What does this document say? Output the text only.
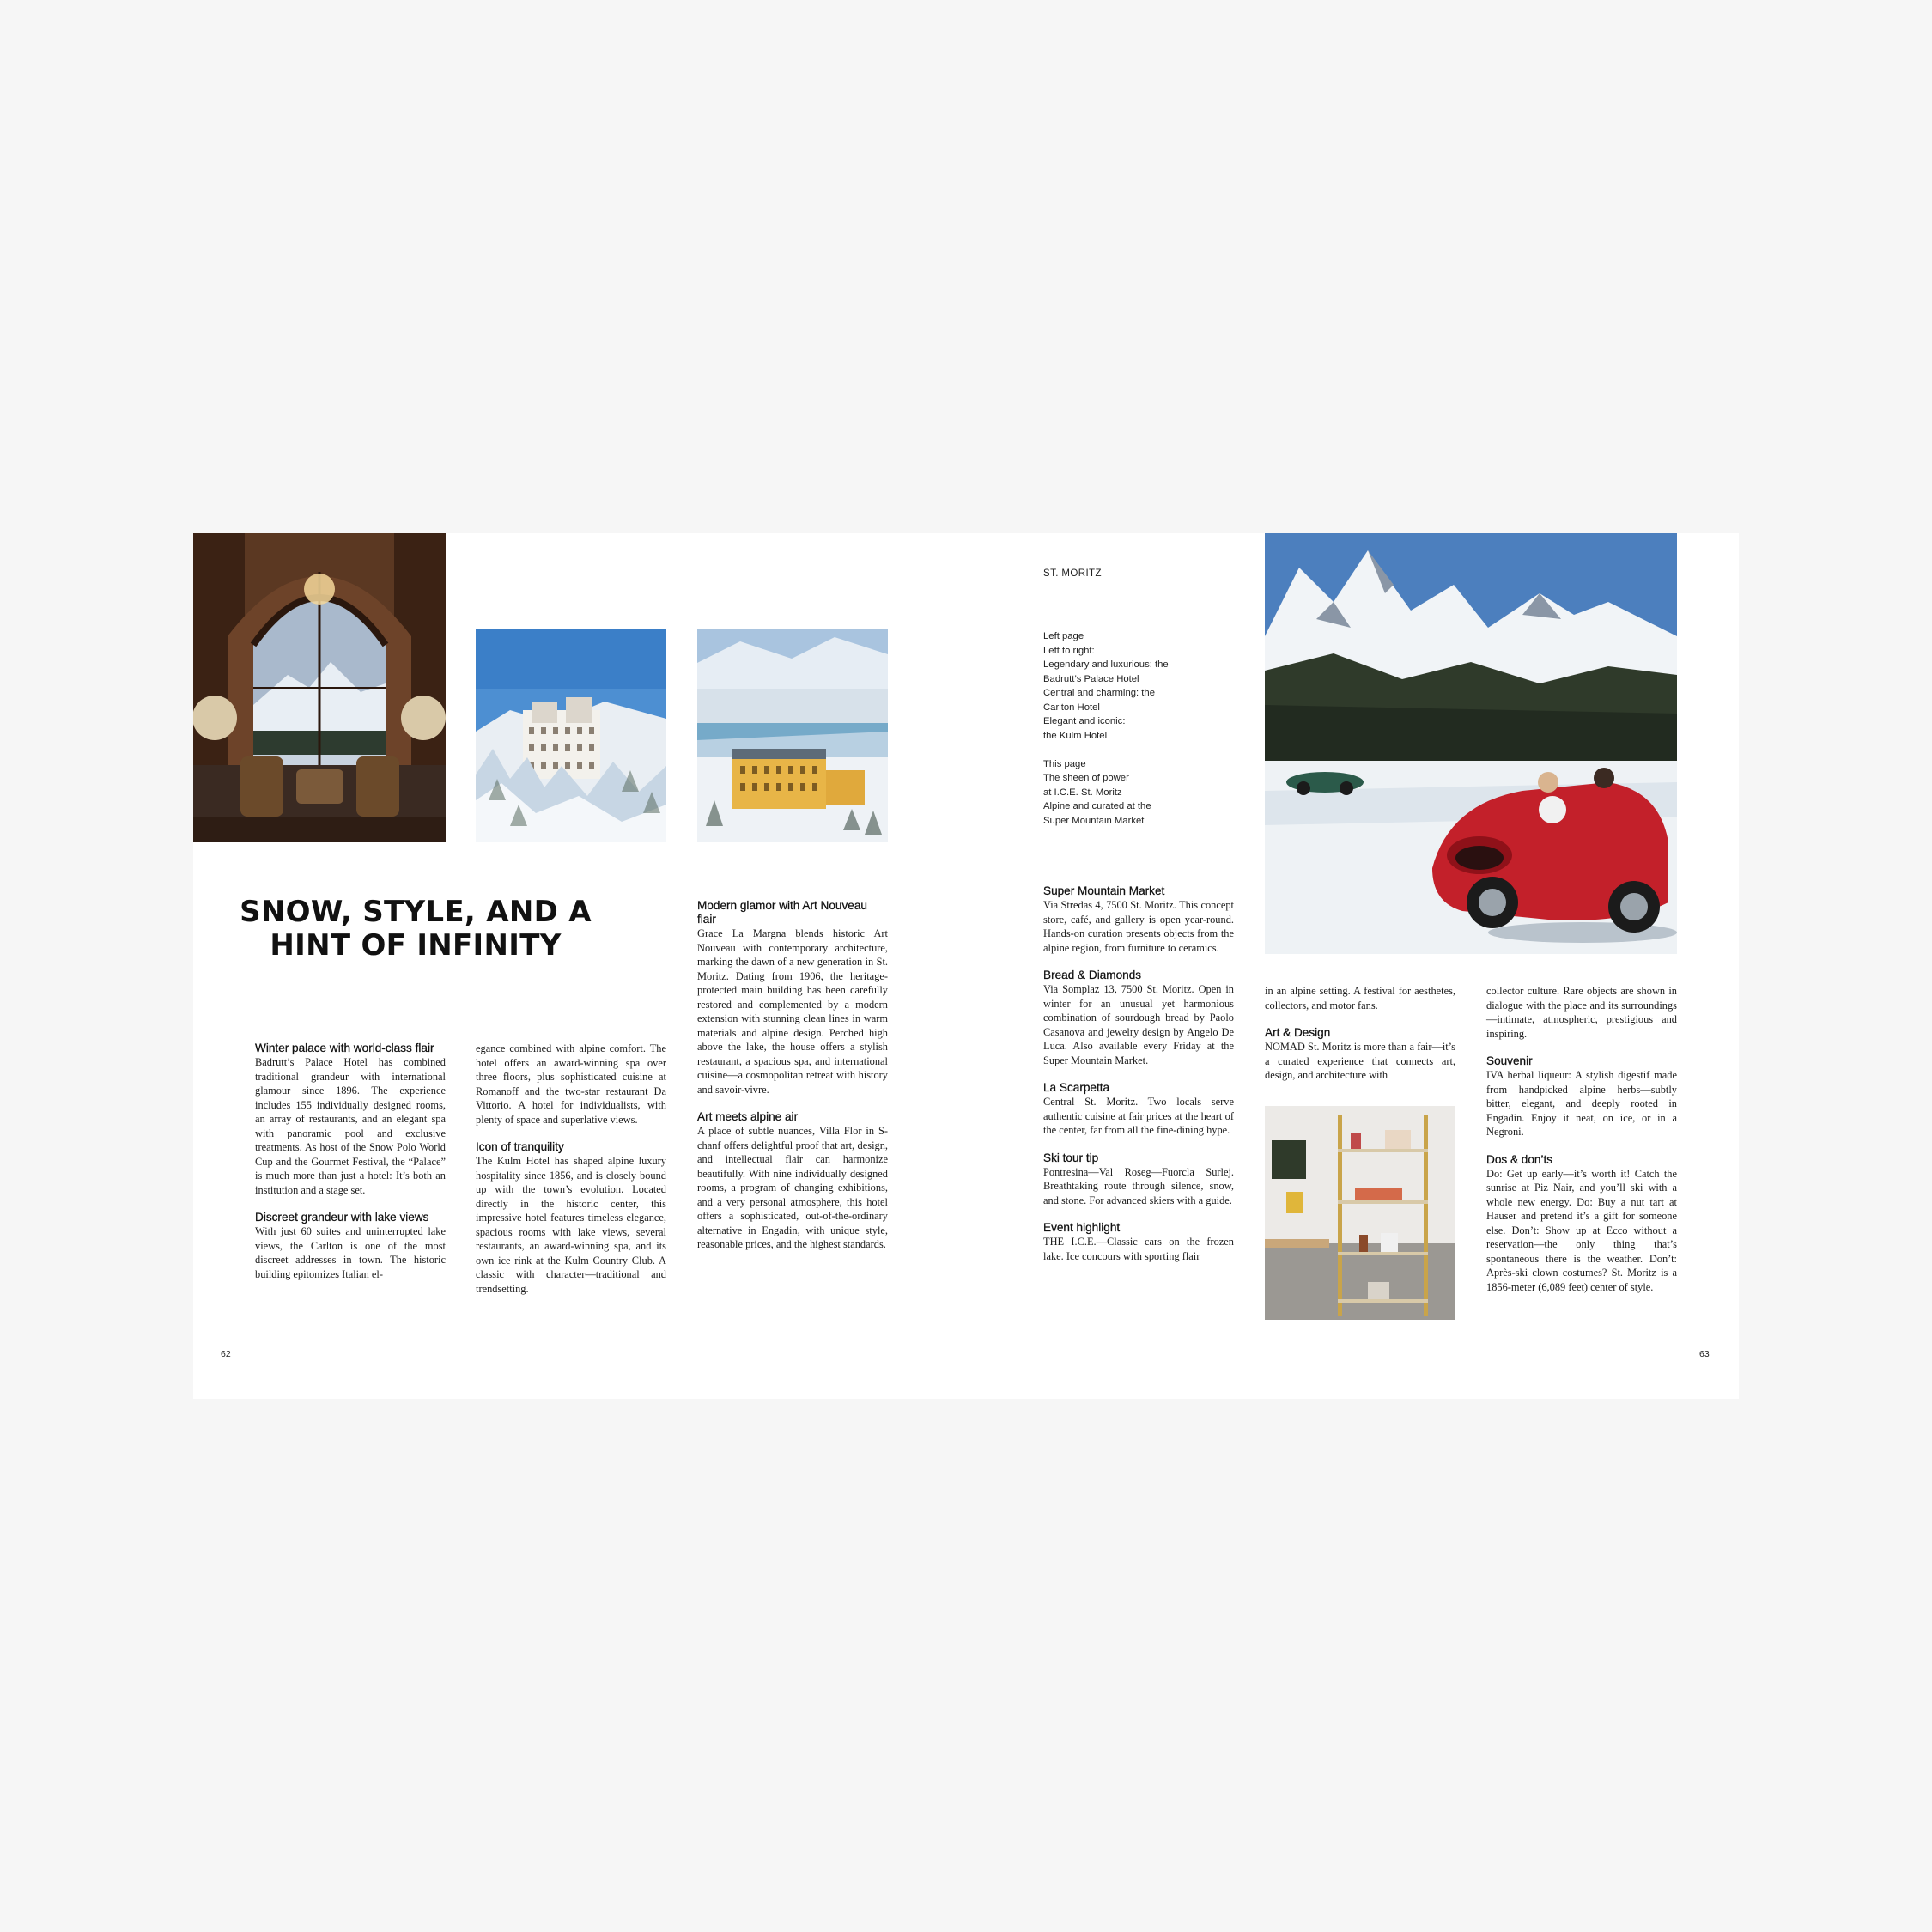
SNOW, STYLE, AND A HINT OF INFINITY
Winter palace with world-class flair

Badrutt’s Palace Hotel has combined traditional grandeur with international glamour since 1896. The experience includes 155 individually designed rooms, an array of restaurants, and an elegant spa with panoramic pool and exclusive treatments. As host of the Snow Polo World Cup and the Gourmet Festival, the “Palace” is much more than just a hotel: It’s both an institution and a stage set.

Discreet grandeur with lake views

With just 60 suites and uninterrupted lake views, the Carlton is one of the most discreet addresses in town. The historic building epitomizes Italian el-

egance combined with alpine comfort. The hotel offers an award-winning spa over three floors, plus sophisticated cuisine at Romanoff and the two-star restaurant Da Vittorio. A hotel for individualists, with plenty of space and superlative views.

Icon of tranquility

The Kulm Hotel has shaped alpine luxury hospitality since 1856, and is closely bound up with the town’s evolution. Located directly in the historic center, this impressive hotel features timeless elegance, spacious rooms with lake views, several restaurants, an award-winning spa, and its own ice rink at the Kulm Country Club. A classic with character—traditional and trendsetting.

Modern glamor with Art Nouveau flair

Grace La Margna blends historic Art Nouveau with contemporary architecture, marking the dawn of a new generation in St. Moritz. Dating from 1906, the heritage-protected main building has been carefully restored and complemented by a modern extension with stunning clean lines in warm materials and alpine design. Perched high above the lake, the house offers a stylish restaurant, a spacious spa, and international cuisine—a cosmopolitan retreat with history and savoir-vivre.

Art meets alpine air

A place of subtle nuances, Villa Flor in S-chanf offers delightful proof that art, design, and intellectual flair can harmonize beautifully. With nine individually designed rooms, a program of changing exhibitions, and a very personal atmosphere, this hotel offers a sophisticated, out-of-the-ordinary alternative in Engadin, with unique style, reasonable prices, and the highest standards.

62
ST. MORITZ
Left page
Left to right:
Legendary and luxurious: the
Badrutt’s Palace Hotel
Central and charming: the
Carlton Hotel
Elegant and iconic:
the Kulm Hotel
This page
The sheen of power
at I.C.E. St. Moritz
Alpine and curated at the
Super Mountain Market
Super Mountain Market

Via Stredas 4, 7500 St. Moritz. This concept store, café, and gallery is open year-round. Hands-on curation presents objects from the alpine region, from furniture to ceramics.

Bread & Diamonds

Via Somplaz 13, 7500 St. Moritz. Open in winter for an unusual yet harmonious combination of sourdough bread by Paolo Casanova and jewelry design by Angelo De Luca. Also available every Friday at the Super Mountain Market.

La Scarpetta

Central St. Moritz. Two locals serve authentic cuisine at fair prices at the heart of the center, far from all the fine-dining hype.

Ski tour tip

Pontresina—Val Roseg—Fuorcla Surlej. Breathtaking route through silence, snow, and stone. For advanced skiers with a guide.

Event highlight

THE I.C.E.—Classic cars on the frozen lake. Ice concours with sporting flair

in an alpine setting. A festival for aesthetes, collectors, and motor fans.

Art & Design

NOMAD St. Moritz is more than a fair—it’s a curated experience that connects art, design, and architecture with

collector culture. Rare objects are shown in dialogue with the place and its surroundings—intimate, atmospheric, prestigious and inspiring.

Souvenir

IVA herbal liqueur: A stylish digestif made from handpicked alpine herbs—subtly bitter, elegant, and deeply rooted in Engadin. Enjoy it neat, on ice, or in a Negroni.

Dos & don’ts

Do: Get up early—it’s worth it! Catch the sunrise at Piz Nair, and you’ll ski with a whole new energy. Do: Buy a nut tart at Hauser and pretend it’s a gift for someone else. Don’t: Show up at Ecco without a reservation—the only thing that’s spontaneous there is the weather. Don’t: Après-ski clown costumes? St. Moritz is a 1856-meter (6,089 feet) center of style.

63
